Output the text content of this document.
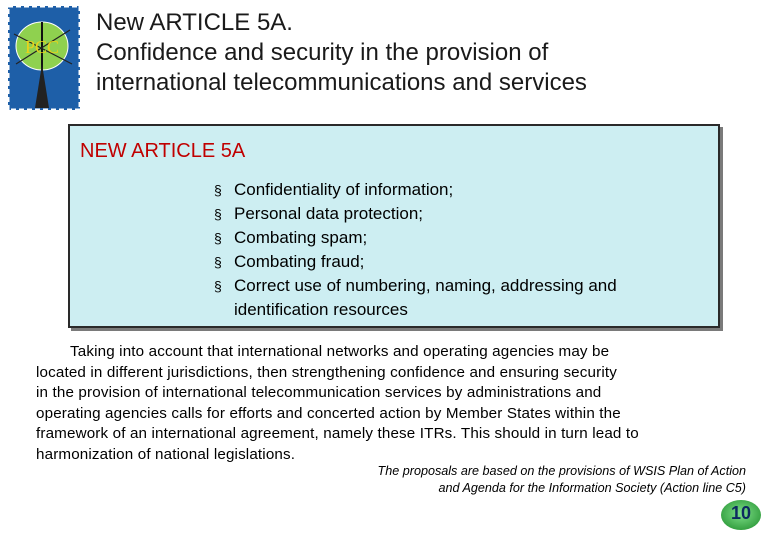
PCC
New ARTICLE 5A.
Confidence and security in the provision of
international telecommunications and services
NEW ARTICLE 5A
§ Confidentiality of information;
§ Personal data protection;
§ Combating spam;
§ Combating fraud;
§ Correct use of numbering, naming, addressing and
identification resources
Taking into account that international networks and operating agencies may be
located in different jurisdictions, then strengthening confidence and ensuring security
in the provision of international telecommunication services by administrations and
operating agencies calls for efforts and concerted action by Member States within the
framework of an international agreement, namely these ITRs. This should in turn lead to
harmonization of national legislations.
The proposals are based on the provisions of WSIS Plan of Action
and Agenda for the Information Society (Action line C5)
10
